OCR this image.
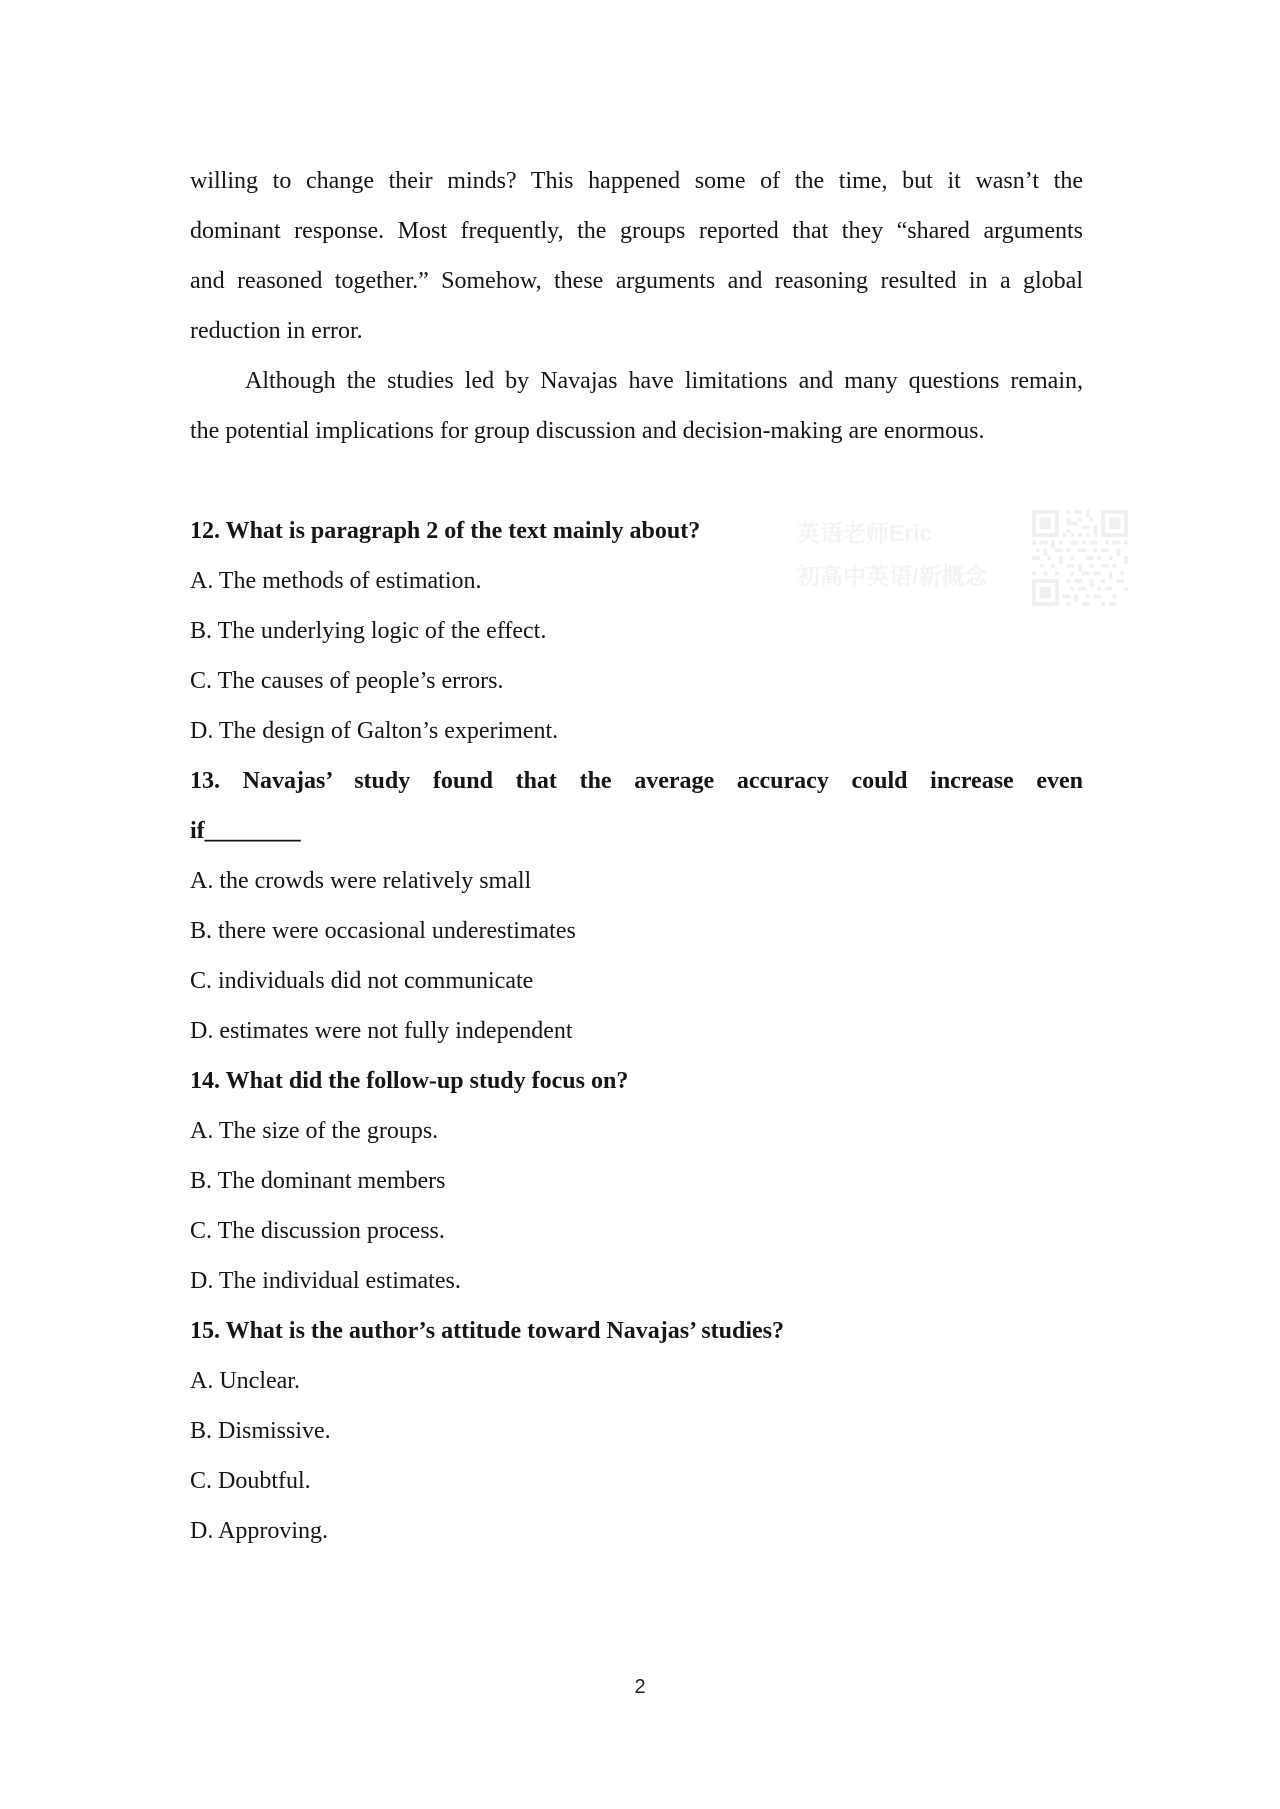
willing to change their minds? This happened some of the time, but it wasn’t the
dominant response. Most frequently, the groups reported that they “shared arguments
and reasoned together.” Somehow, these arguments and reasoning resulted in a global
reduction in error.
Although the studies led by Navajas have limitations and many questions remain,
the potential implications for group discussion and decision-making are enormous.
12. What is paragraph 2 of the text mainly about?
A. The methods of estimation.
B. The underlying logic of the effect.
C. The causes of people’s errors.
D. The design of Galton’s experiment.
13. Navajas’ study found that the average accuracy could increase even
if________
A. the crowds were relatively small
B. there were occasional underestimates
C. individuals did not communicate
D. estimates were not fully independent
14. What did the follow-up study focus on?
A. The size of the groups.
B. The dominant members
C. The discussion process.
D. The individual estimates.
15. What is the author’s attitude toward Navajas’ studies?
A. Unclear.
B. Dismissive.
C. Doubtful.
D. Approving.
英语老师Eric
初高中英语/新概念
2
